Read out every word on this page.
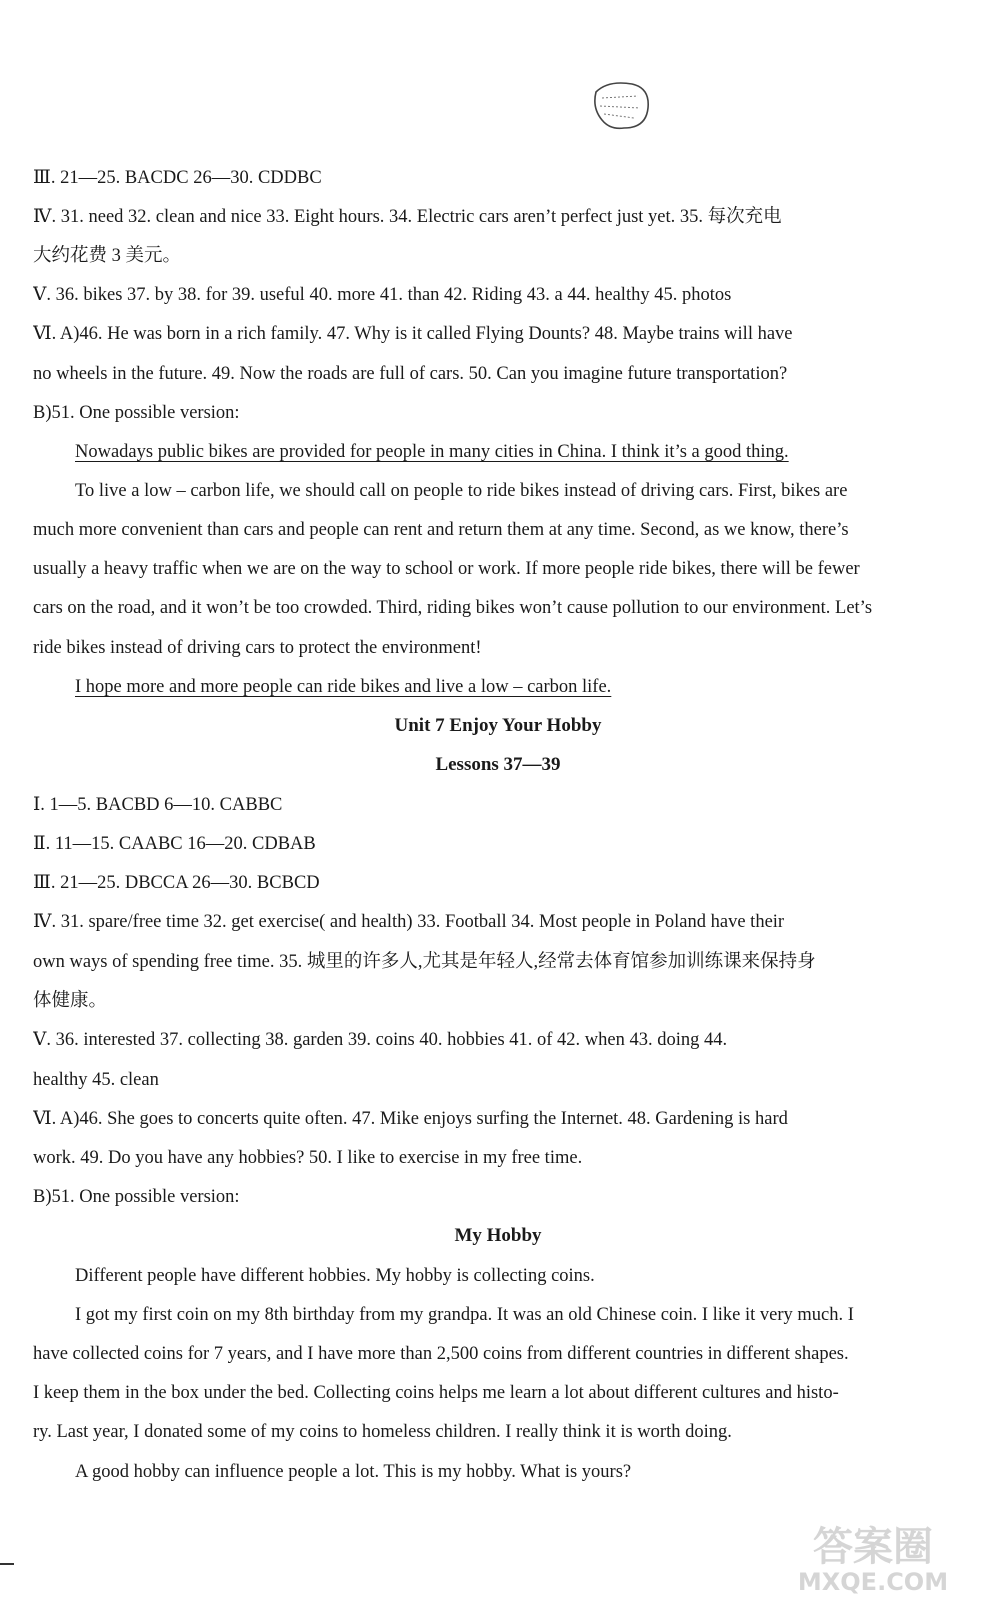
Ⅲ. 21—25. BACDC 26—30. CDDBC
Ⅳ. 31. need 32. clean and nice 33. Eight hours. 34. Electric cars aren’t perfect just yet. 35. 每次充电
大约花费 3 美元。
Ⅴ. 36. bikes 37. by 38. for 39. useful 40. more 41. than 42. Riding 43. a 44. healthy 45. photos
Ⅵ. A)46. He was born in a rich family. 47. Why is it called Flying Dounts? 48. Maybe trains will have
no wheels in the future. 49. Now the roads are full of cars. 50. Can you imagine future transportation?
B)51. One possible version:
Nowadays public bikes are provided for people in many cities in China. I think it’s a good thing.
To live a low – carbon life, we should call on people to ride bikes instead of driving cars. First, bikes are
much more convenient than cars and people can rent and return them at any time. Second, as we know, there’s
usually a heavy traffic when we are on the way to school or work. If more people ride bikes, there will be fewer
cars on the road, and it won’t be too crowded. Third, riding bikes won’t cause pollution to our environment. Let’s
ride bikes instead of driving cars to protect the environment!
I hope more and more people can ride bikes and live a low – carbon life.
Unit 7 Enjoy Your Hobby
Lessons 37—39
Ⅰ. 1—5. BACBD 6—10. CABBC
Ⅱ. 11—15. CAABC 16—20. CDBAB
Ⅲ. 21—25. DBCCA 26—30. BCBCD
Ⅳ. 31. spare/free time 32. get exercise( and health) 33. Football 34. Most people in Poland have their
own ways of spending free time. 35. 城里的许多人,尤其是年轻人,经常去体育馆参加训练课来保持身
体健康。
Ⅴ. 36. interested 37. collecting 38. garden 39. coins 40. hobbies 41. of 42. when 43. doing 44.
healthy 45. clean
Ⅵ. A)46. She goes to concerts quite often. 47. Mike enjoys surfing the Internet. 48. Gardening is hard
work. 49. Do you have any hobbies? 50. I like to exercise in my free time.
B)51. One possible version:
My Hobby
Different people have different hobbies. My hobby is collecting coins.
I got my first coin on my 8th birthday from my grandpa. It was an old Chinese coin. I like it very much. I
have collected coins for 7 years, and I have more than 2,500 coins from different countries in different shapes.
I keep them in the box under the bed. Collecting coins helps me learn a lot about different cultures and histo-
ry. Last year, I donated some of my coins to homeless children. I really think it is worth doing.
A good hobby can influence people a lot. This is my hobby. What is yours?
答案圈
MXQE.COM
